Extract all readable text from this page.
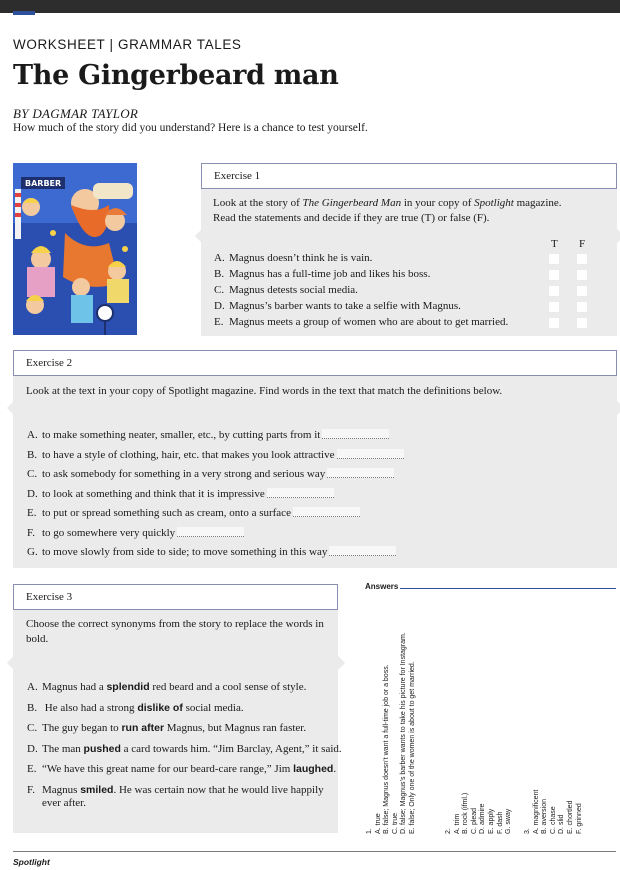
WORKSHEET | GRAMMAR TALES
The Gingerbeard man
BY DAGMAR TAYLOR
How much of the story did you understand? Here is a chance to test yourself.
BARBER
Exercise 1
Look at the story of The Gingerbeard Man in your copy of Spotlight magazine.
Read the statements and decide if they are true (T) or false (F).
T F
A. Magnus doesn’t think he is vain.
B. Magnus has a full-time job and likes his boss.
C. Magnus detests social media.
D. Magnus’s barber wants to take a selfie with Magnus.
E. Magnus meets a group of women who are about to get married.
Exercise 2
Look at the text in your copy of Spotlight magazine. Find words in the text that match the definitions below.
A. to make something neater, smaller, etc., by cutting parts from it
B. to have a style of clothing, hair, etc. that makes you look attractive
C. to ask somebody for something in a very strong and serious way
D. to look at something and think that it is impressive
E. to put or spread something such as cream, onto a surface
F. to go somewhere very quickly
G. to move slowly from side to side; to move something in this way
Exercise 3
Choose the correct synonyms from the story to replace the words in bold.
A. Magnus had a splendid red beard and a cool sense of style.
B. He also had a strong dislike of social media.
C. The guy began to run after Magnus, but Magnus ran faster.
D. The man pushed a card towards him. “Jim Barclay, Agent,” it said.
E. “We have this great name for our beard-care range,” Jim laughed.
F. Magnus smiled. He was certain now that he would live happily
ever after.
Answers
1. A. true B. false; Magnus doesn’t want a full-time job or a boss. C. true D. false; Magnus’s barber wants to take his picture for Instagram. E. false; Only one of the women is about to get married.	2. A. trim B. rock (ifml.) C. plead D. admire E. apply F. dash G. sway 3. A. magnificent B. aversion C. chase D. slid E. chortled F. grinned
Spotlight
